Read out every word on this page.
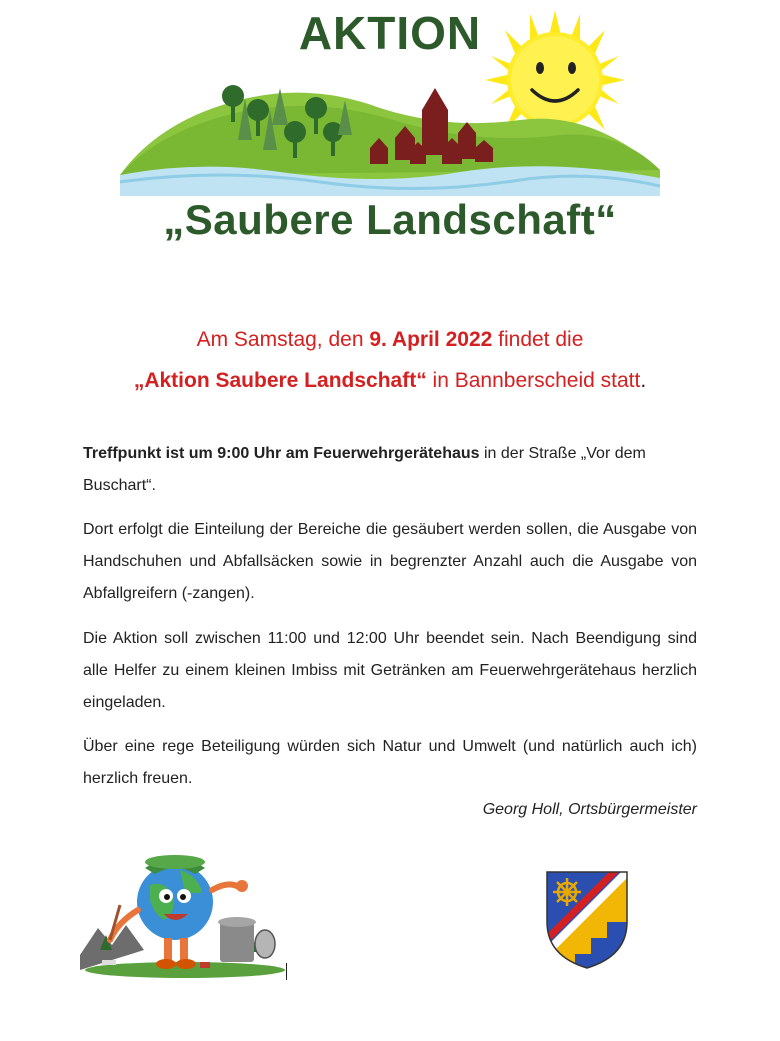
AKTION
„Saubere Landschaft“
Am Samstag, den 9. April 2022 findet die
„Aktion Saubere Landschaft“ in Bannberscheid statt.
Treffpunkt ist um 9:00 Uhr am Feuerwehrgerätehaus in der Straße „Vor dem Buschart“.
Dort erfolgt die Einteilung der Bereiche die gesäubert werden sollen, die Ausgabe von Handschuhen und Abfallsäcken sowie in begrenzter Anzahl auch die Ausgabe von Abfallgreifern (-zangen).
Die Aktion soll zwischen 11:00 und 12:00 Uhr beendet sein. Nach Beendigung sind alle Helfer zu einem kleinen Imbiss mit Getränken am Feuerwehrgerätehaus herzlich eingeladen.
Über eine rege Beteiligung würden sich Natur und Umwelt (und natürlich auch ich) herzlich freuen.
Georg Holl, Ortsbürgermeister
